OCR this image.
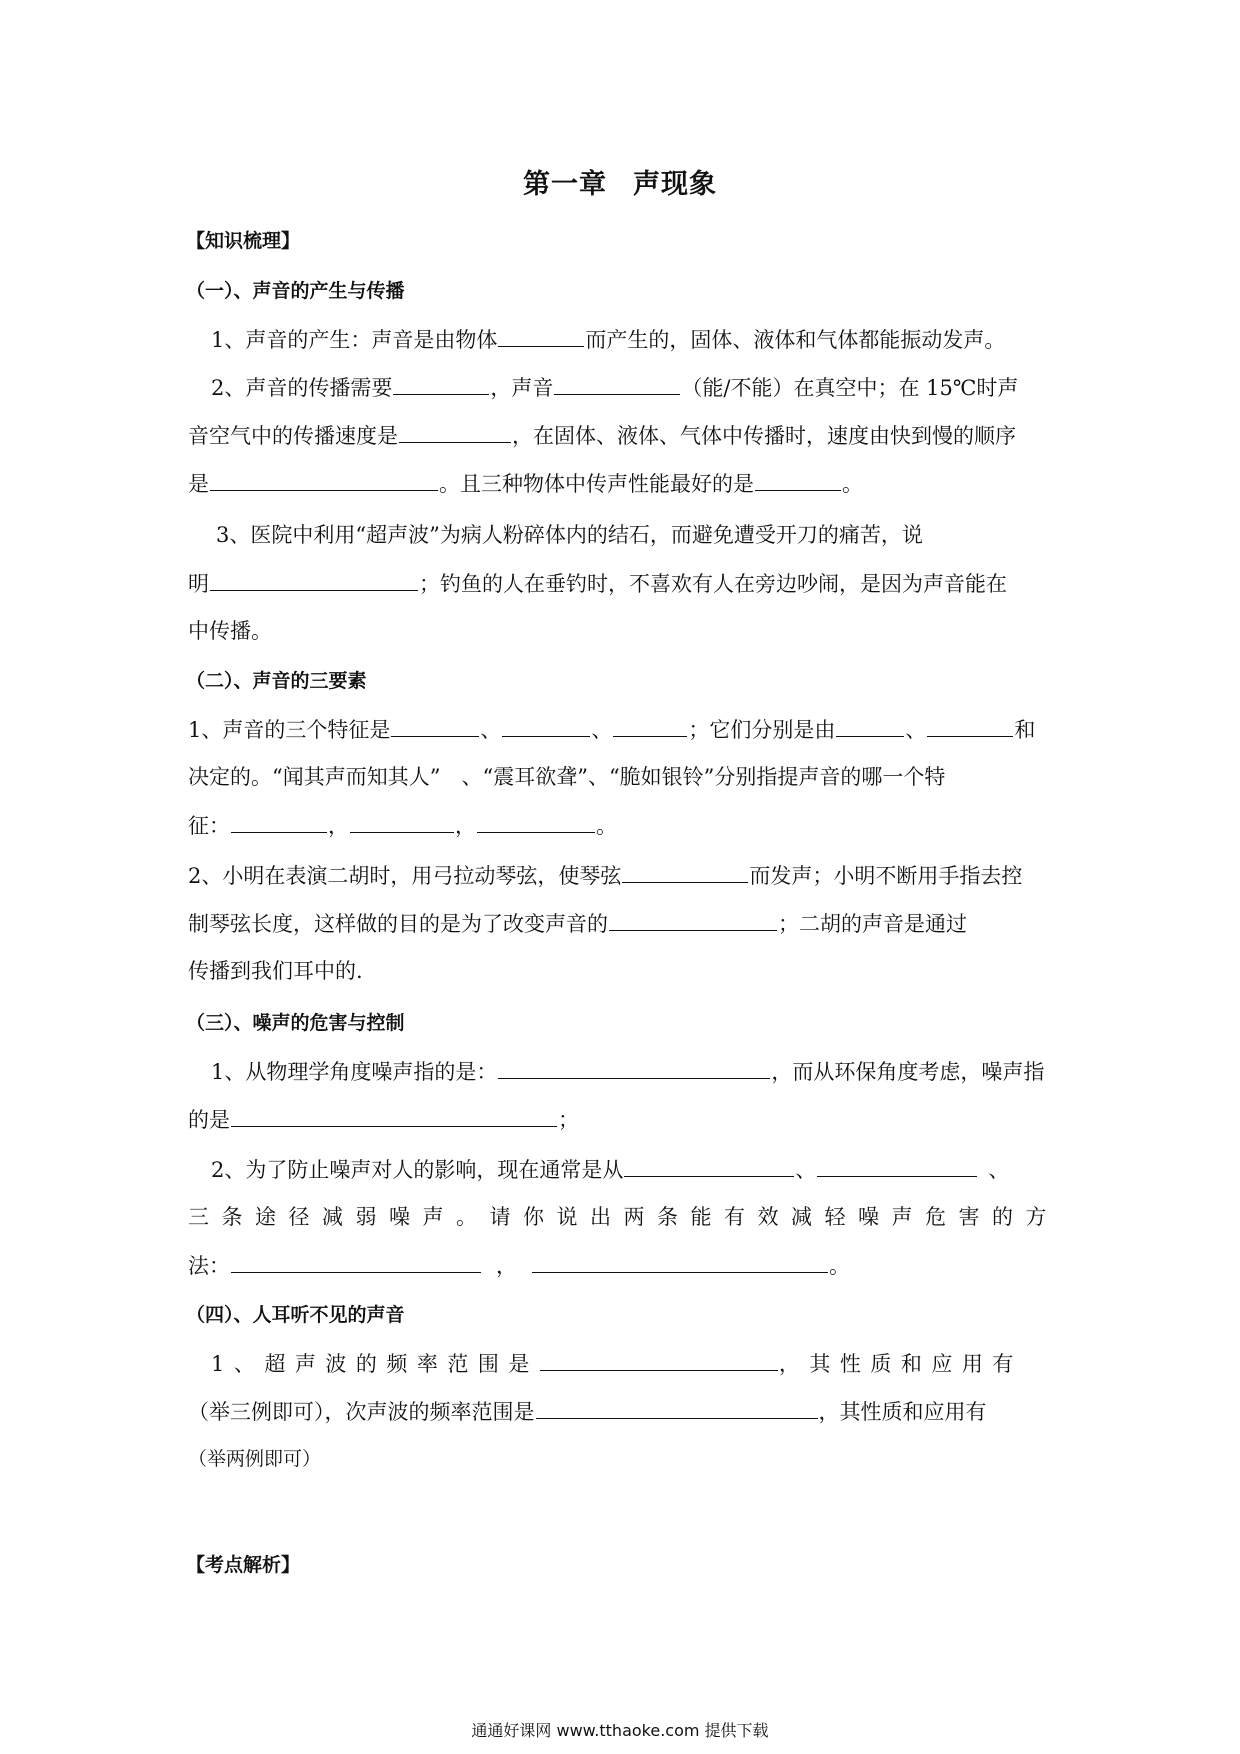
第一章 声现象
【知识梳理】
（一）、声音的产生与传播
1、声音的产生：声音是由物体	而产生的，固体、液体和气体都能振动发声。
2、声音的传播需要	，声音	（能/不能）在真空中；在 15℃时声
音空气中的传播速度是	，在固体、液体、气体中传播时，速度由快到慢的顺序
是	。且三种物体中传声性能最好的是	。
3、医院中利用“超声波”为病人粉碎体内的结石，而避免遭受开刀的痛苦，说
明	；钓鱼的人在垂钓时，不喜欢有人在旁边吵闹，是因为声音能在
中传播。
（二）、声音的三要素
1、声音的三个特征是	、	、	；它们分别是由	、	和
决定的。“闻其声而知其人”　、“震耳欲聋”、“脆如银铃”分别指提声音的哪一个特
征：	，	，	。
2、小明在表演二胡时，用弓拉动琴弦，使琴弦	而发声；小明不断用手指去控
制琴弦长度，这样做的目的是为了改变声音的	；二胡的声音是通过
传播到我们耳中的.
（三）、噪声的危害与控制
1、从物理学角度噪声指的是：	，而从环保角度考虑，噪声指
的是	；
2、为了防止噪声对人的影响，现在通常是从	、	、
三条途径减弱噪声。请你说出两条能有效减轻噪声危害的方
法：	，	。
（四）、人耳听不见的声音
1、超声波的频率范围是	，其性质和应用有
（举三例即可），次声波的频率范围是	，其性质和应用有
（举两例即可）
【考点解析】
通通好课网 www.tthaoke.com 提供下载
